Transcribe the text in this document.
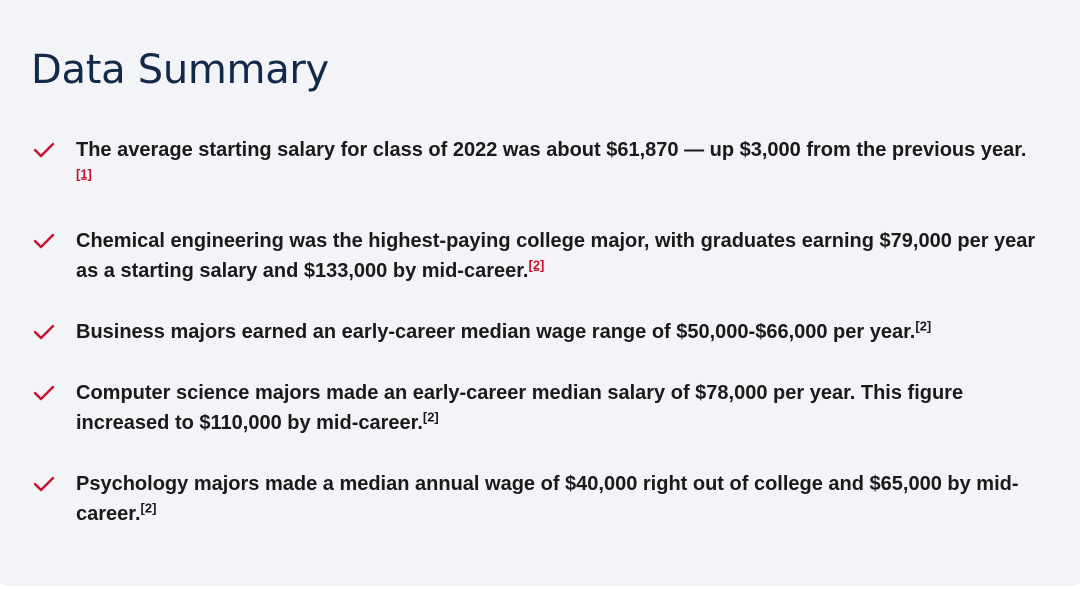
Data Summary
The average starting salary for class of 2022 was about $61,870 — up $3,000 from the previous year.[1]
Chemical engineering was the highest-paying college major, with graduates earning $79,000 per year as a starting salary and $133,000 by mid-career.[2]
Business majors earned an early-career median wage range of $50,000-$66,000 per year.[2]
Computer science majors made an early-career median salary of $78,000 per year. This figure increased to $110,000 by mid-career.[2]
Psychology majors made a median annual wage of $40,000 right out of college and $65,000 by mid-career.[2]
